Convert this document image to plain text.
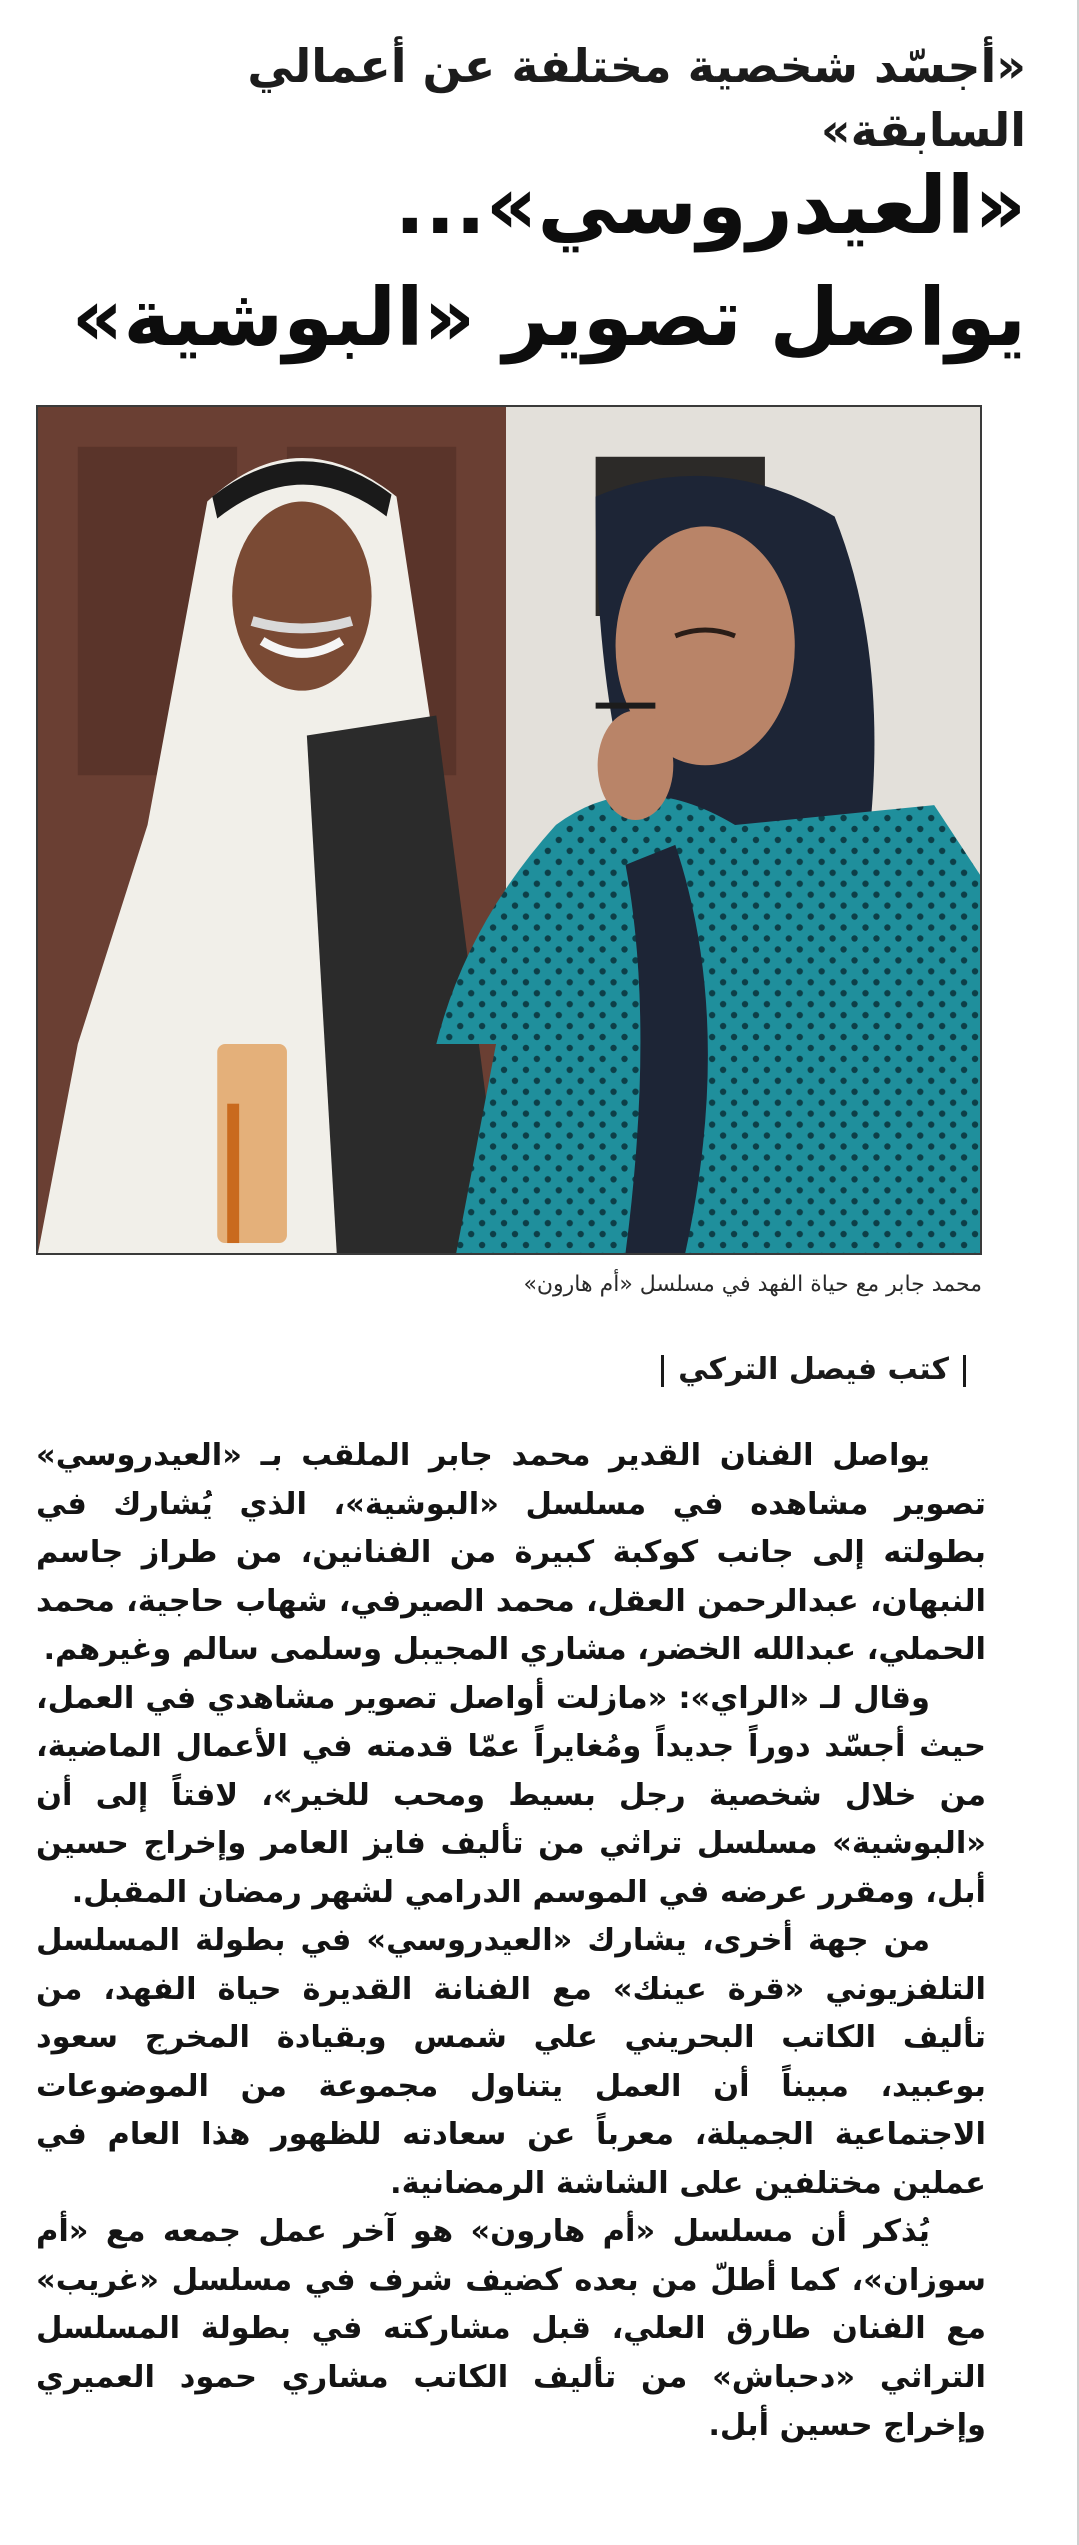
«أجسّد شخصية مختلفة عن أعمالي السابقة»
«العيدروسي»...
يواصل تصوير «البوشية»
محمد جابر مع حياة الفهد في مسلسل «أم هارون»
كتب فيصل التركي

يواصل الفنان القدير محمد جابر الملقب بـ «العيدروسي» تصوير مشاهده في مسلسل «البوشية»، الذي يُشارك في بطولته إلى جانب كوكبة كبيرة من الفنانين، من طراز جاسم النبهان، عبدالرحمن العقل، محمد الصيرفي، شهاب حاجية، محمد الحملي، عبدالله الخضر، مشاري المجيبل وسلمى سالم وغيرهم.

وقال لـ «الراي»: «مازلت أواصل تصوير مشاهدي في العمل، حيث أجسّد دوراً جديداً ومُغايراً عمّا قدمته في الأعمال الماضية، من خلال شخصية رجل بسيط ومحب للخير»، لافتاً إلى أن «البوشية» مسلسل تراثي من تأليف فايز العامر وإخراج حسين أبل، ومقرر عرضه في الموسم الدرامي لشهر رمضان المقبل.

من جهة أخرى، يشارك «العيدروسي» في بطولة المسلسل التلفزيوني «قرة عينك» مع الفنانة القديرة حياة الفهد، من تأليف الكاتب البحريني علي شمس وبقيادة المخرج سعود بوعبيد، مبيناً أن العمل يتناول مجموعة من الموضوعات الاجتماعية الجميلة، معرباً عن سعادته للظهور هذا العام في عملين مختلفين على الشاشة الرمضانية.

يُذكر أن مسلسل «أم هارون» هو آخر عمل جمعه مع «أم سوزان»، كما أطلّ من بعده كضيف شرف في مسلسل «غريب» مع الفنان طارق العلي، قبل مشاركته في بطولة المسلسل التراثي «دحباش» من تأليف الكاتب مشاري حمود العميري وإخراج حسين أبل.
